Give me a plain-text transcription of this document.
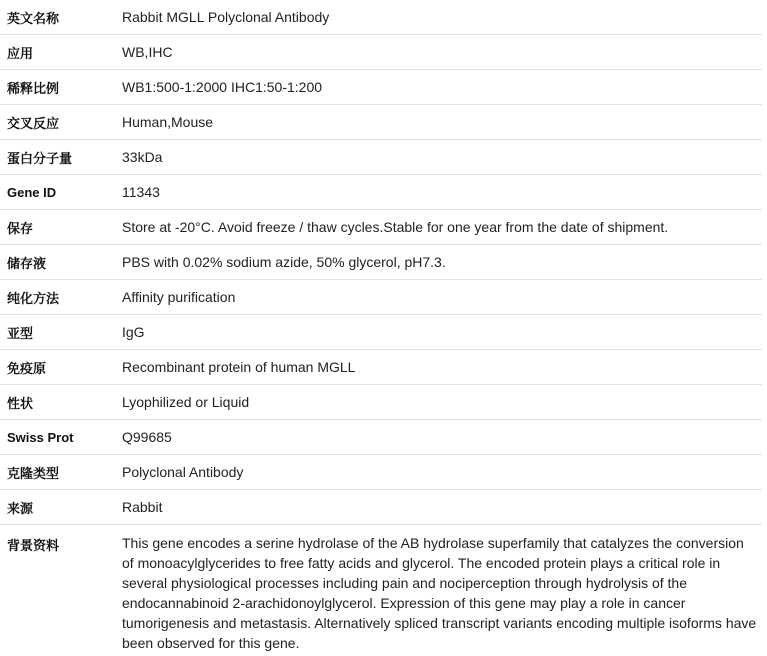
英文名称	Rabbit MGLL Polyclonal Antibody
应用	WB,IHC
稀释比例	WB1:500-1:2000 IHC1:50-1:200
交叉反应	Human,Mouse
蛋白分子量	33kDa
Gene ID	11343
保存	Store at -20°C. Avoid freeze / thaw cycles.Stable for one year from the date of shipment.
储存液	PBS with 0.02% sodium azide, 50% glycerol, pH7.3.
纯化方法	Affinity purification
亚型	IgG
免疫原	Recombinant protein of human MGLL
性状	Lyophilized or Liquid
Swiss Prot	Q99685
克隆类型	Polyclonal Antibody
来源	Rabbit
背景资料	This gene encodes a serine hydrolase of the AB hydrolase superfamily that catalyzes the conversion of monoacylglycerides to free fatty acids and glycerol. The encoded protein plays a critical role in several physiological processes including pain and nociperception through hydrolysis of the endocannabinoid 2-arachidonoylglycerol. Expression of this gene may play a role in cancer tumorigenesis and metastasis. Alternatively spliced transcript variants encoding multiple isoforms have been observed for this gene.
